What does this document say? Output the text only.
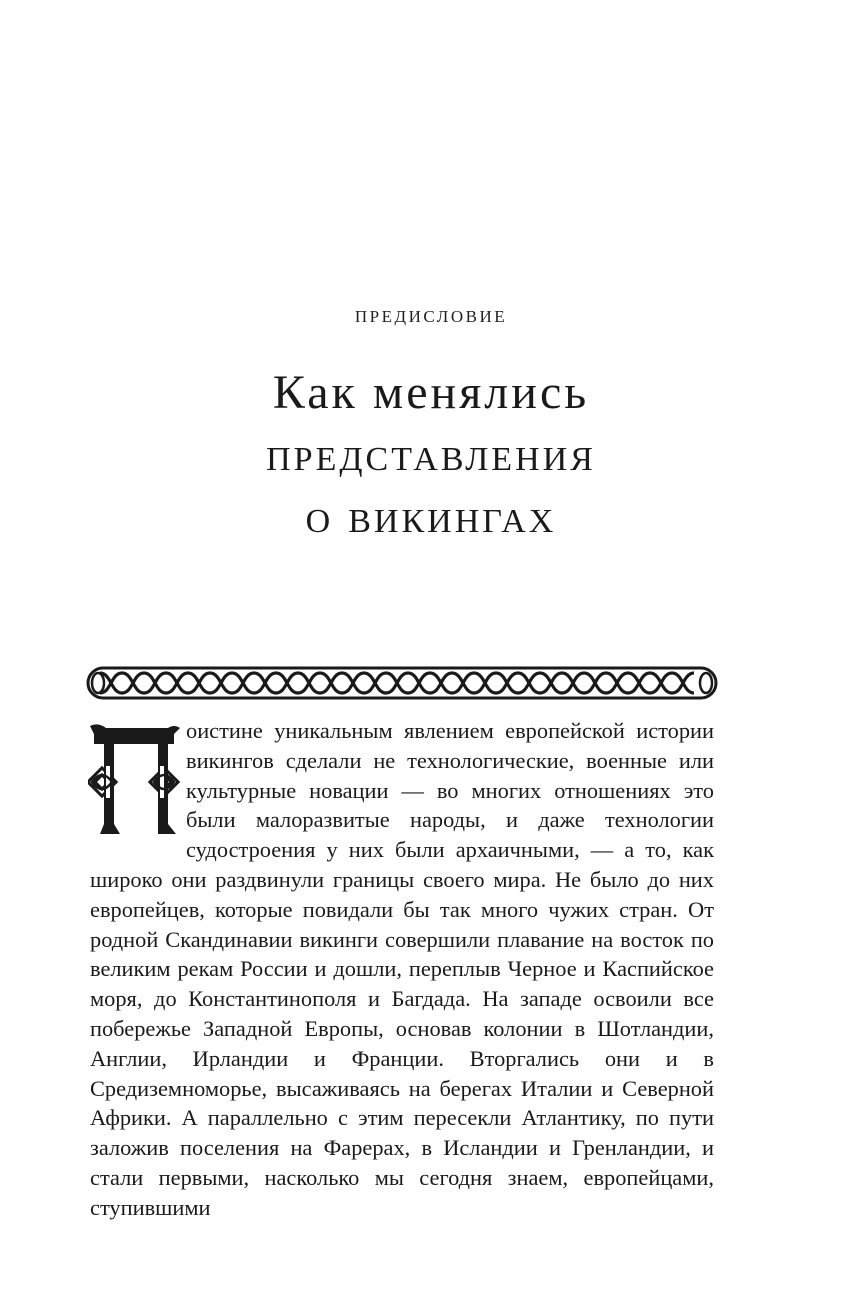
ПРЕДИСЛОВИЕ
Как менялись
представления
о викингах

оистине уникальным явлением европейской истории викингов сделали не технологические, военные или культурные новации — во многих отношениях это были малоразвитые народы, и даже технологии судостроения у них были архаичными, — а то, как широко они раздвинули границы своего мира. Не было до них европейцев, которые повидали бы так много чужих стран. От родной Скандинавии викинги совершили плавание на восток по великим рекам России и дошли, переплыв Черное и Каспийское моря, до Константинополя и Багдада. На западе освоили все побережье Западной Европы, основав колонии в Шотландии, Англии, Ирландии и Франции. Вторгались они и в Средиземноморье, высаживаясь на берегах Италии и Северной Африки. А параллельно с этим пересекли Атлантику, по пути заложив поселения на Фарерах, в Исландии и Гренландии, и стали первыми, насколько мы сегодня знаем, европейцами, ступившими
